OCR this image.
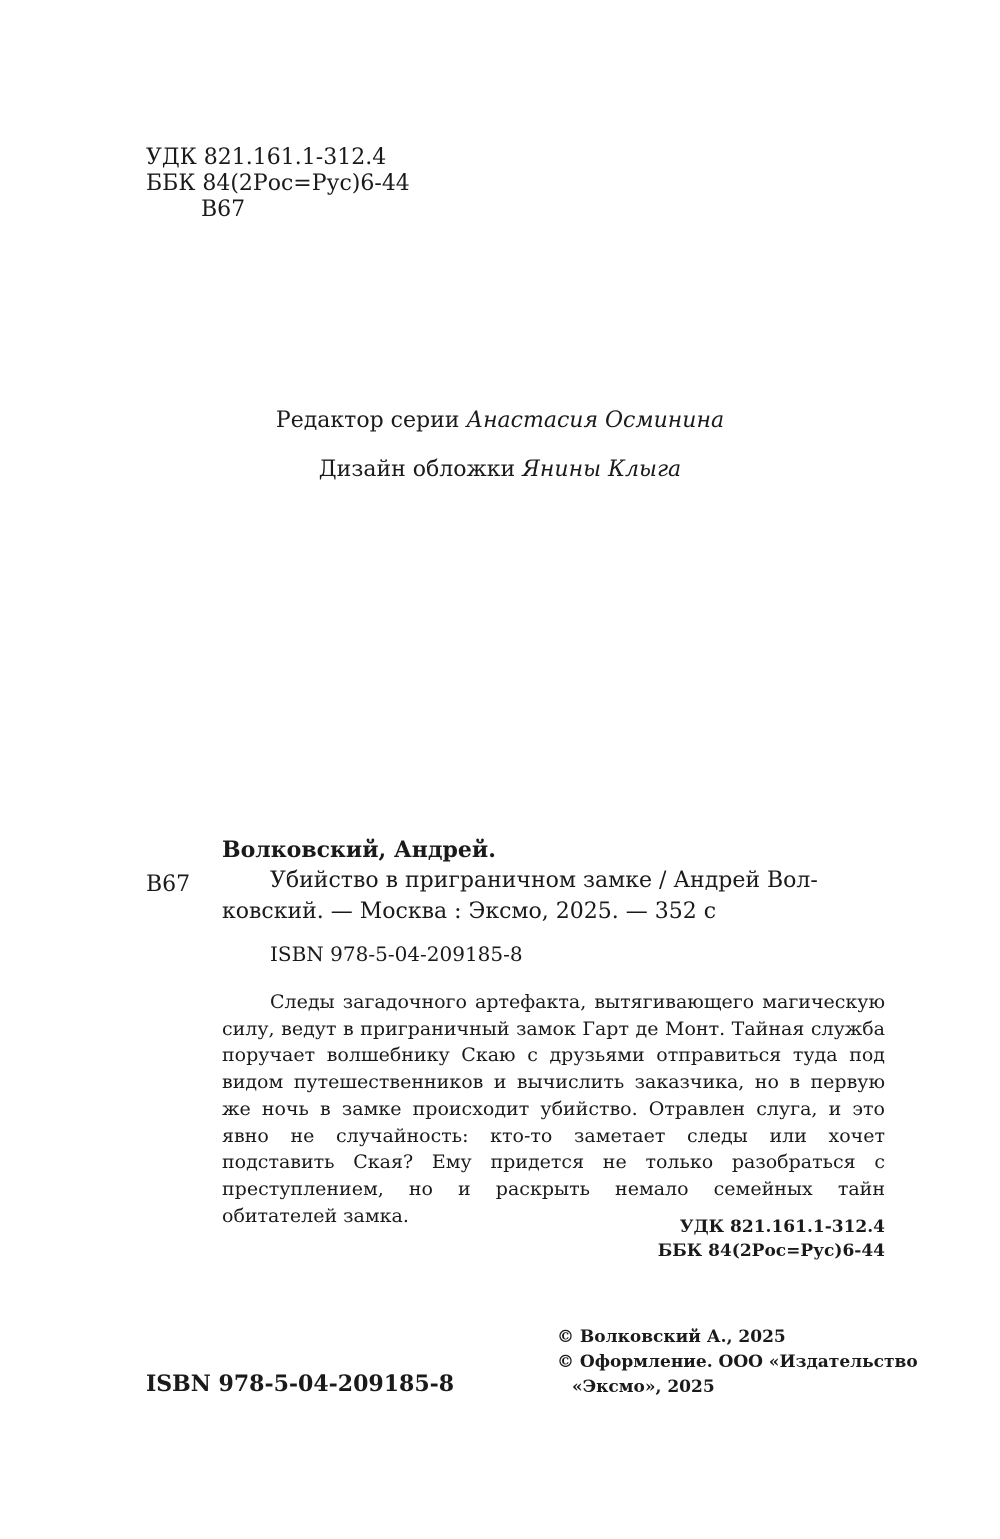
УДК 821.161.1-312.4
ББК 84(2Рос=Рус)6-44
В67
Редактор серии Анастасия Осминина
Дизайн обложки Янины Клыга
Волковский, Андрей.
В67	Убийство в приграничном замке / Андрей Вол-
ковский. — Москва : Эксмо, 2025. — 352 с
ISBN 978-5-04-209185-8
Следы загадочного артефакта, вытягивающего магическую силу, ведут в приграничный замок Гарт де Монт. Тайная служба поручает волшебнику Скаю с друзьями отправиться туда под видом путешественников и вычислить заказчика, но в первую же ночь в замке происходит убийство. Отравлен слуга, и это явно не случайность: кто-то заметает следы или хочет подставить Ская? Ему придется не только разобраться с преступлением, но и раскрыть немало семейных тайн обитателей замка.
УДК 821.161.1-312.4
ББК 84(2Рос=Рус)6-44
© Волковский А., 2025
© Оформление. ООО «Издательство
«Эксмо», 2025
ISBN 978-5-04-209185-8
